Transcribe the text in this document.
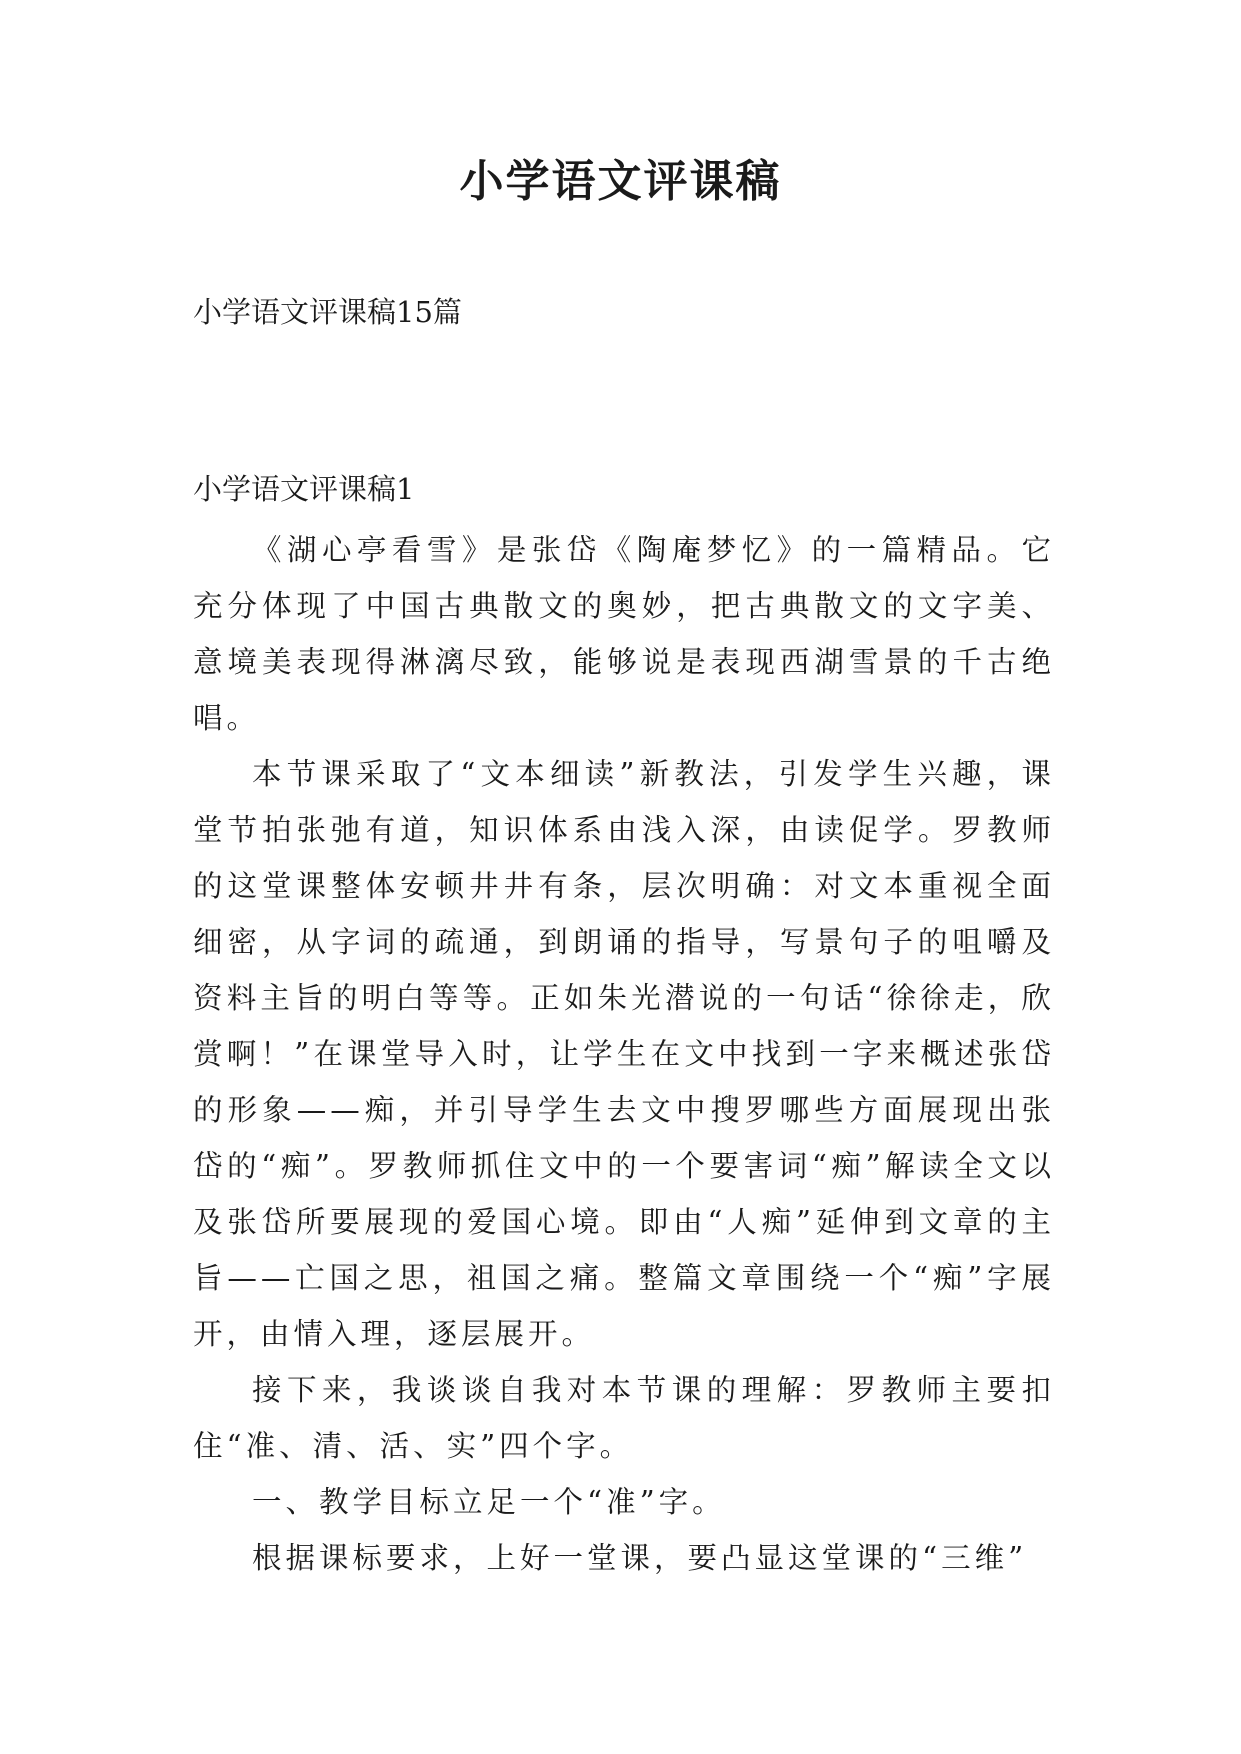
小学语文评课稿
小学语文评课稿15篇
小学语文评课稿1

《湖心亭看雪》是张岱《陶庵梦忆》的一篇精品。它充分体现了中国古典散文的奥妙，把古典散文的文字美、意境美表现得淋漓尽致，能够说是表现西湖雪景的千古绝唱。

本节课采取了“文本细读”新教法，引发学生兴趣，课堂节拍张弛有道，知识体系由浅入深，由读促学。罗教师的这堂课整体安顿井井有条，层次明确：对文本重视全面细密，从字词的疏通，到朗诵的指导，写景句子的咀嚼及资料主旨的明白等等。正如朱光潜说的一句话“徐徐走，欣赏啊！”在课堂导入时，让学生在文中找到一字来概述张岱的形象——痴，并引导学生去文中搜罗哪些方面展现出张岱的“痴”。罗教师抓住文中的一个要害词“痴”解读全文以及张岱所要展现的爱国心境。即由“人痴”延伸到文章的主旨——亡国之思，祖国之痛。整篇文章围绕一个“痴”字展开，由情入理，逐层展开。

接下来，我谈谈自我对本节课的理解：罗教师主要扣住“准、清、活、实”四个字。

一、教学目标立足一个“准”字。

根据课标要求，上好一堂课，要凸显这堂课的“三维”
